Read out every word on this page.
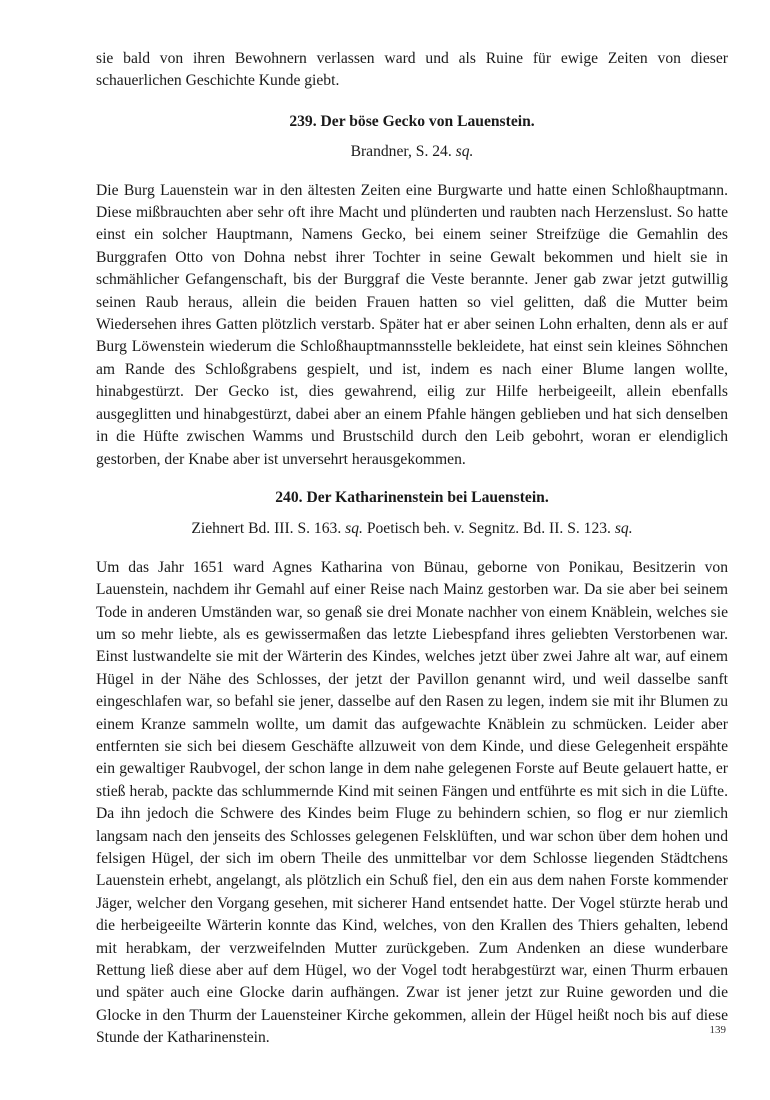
sie bald von ihren Bewohnern verlassen ward und als Ruine für ewige Zeiten von dieser schauerlichen Geschichte Kunde giebt.

239. Der böse Gecko von Lauenstein.
Brandner, S. 24. sq.

Die Burg Lauenstein war in den ältesten Zeiten eine Burgwarte und hatte einen Schloßhauptmann. Diese mißbrauchten aber sehr oft ihre Macht und plünderten und raubten nach Herzenslust. So hatte einst ein solcher Hauptmann, Namens Gecko, bei einem seiner Streifzüge die Gemahlin des Burggrafen Otto von Dohna nebst ihrer Tochter in seine Gewalt bekommen und hielt sie in schmählicher Gefangenschaft, bis der Burggraf die Veste berannte. Jener gab zwar jetzt gutwillig seinen Raub heraus, allein die beiden Frauen hatten so viel gelitten, daß die Mutter beim Wiedersehen ihres Gatten plötzlich verstarb. Später hat er aber seinen Lohn erhalten, denn als er auf Burg Löwenstein wiederum die Schloßhauptmannsstelle bekleidete, hat einst sein kleines Söhnchen am Rande des Schloßgrabens gespielt, und ist, indem es nach einer Blume langen wollte, hinabgestürzt. Der Gecko ist, dies gewahrend, eilig zur Hilfe herbeigeeilt, allein ebenfalls ausgeglitten und hinabgestürzt, dabei aber an einem Pfahle hängen geblieben und hat sich denselben in die Hüfte zwischen Wamms und Brustschild durch den Leib gebohrt, woran er elendiglich gestorben, der Knabe aber ist unversehrt herausgekommen.

240. Der Katharinenstein bei Lauenstein.
Ziehnert Bd. III. S. 163. sq. Poetisch beh. v. Segnitz. Bd. II. S. 123. sq.

Um das Jahr 1651 ward Agnes Katharina von Bünau, geborne von Ponikau, Besitzerin von Lauenstein, nachdem ihr Gemahl auf einer Reise nach Mainz gestorben war. Da sie aber bei seinem Tode in anderen Umständen war, so genaß sie drei Monate nachher von einem Knäblein, welches sie um so mehr liebte, als es gewissermaßen das letzte Liebespfand ihres geliebten Verstorbenen war. Einst lustwandelte sie mit der Wärterin des Kindes, welches jetzt über zwei Jahre alt war, auf einem Hügel in der Nähe des Schlosses, der jetzt der Pavillon genannt wird, und weil dasselbe sanft eingeschlafen war, so befahl sie jener, dasselbe auf den Rasen zu legen, indem sie mit ihr Blumen zu einem Kranze sammeln wollte, um damit das aufgewachte Knäblein zu schmücken. Leider aber entfernten sie sich bei diesem Geschäfte allzuweit von dem Kinde, und diese Gelegenheit erspähte ein gewaltiger Raubvogel, der schon lange in dem nahe gelegenen Forste auf Beute gelauert hatte, er stieß herab, packte das schlummernde Kind mit seinen Fängen und entführte es mit sich in die Lüfte. Da ihn jedoch die Schwere des Kindes beim Fluge zu behindern schien, so flog er nur ziemlich langsam nach den jenseits des Schlosses gelegenen Felsklüften, und war schon über dem hohen und felsigen Hügel, der sich im obern Theile des unmittelbar vor dem Schlosse liegenden Städtchens Lauenstein erhebt, angelangt, als plötzlich ein Schuß fiel, den ein aus dem nahen Forste kommender Jäger, welcher den Vorgang gesehen, mit sicherer Hand entsendet hatte. Der Vogel stürzte herab und die herbeigeeilte Wärterin konnte das Kind, welches, von den Krallen des Thiers gehalten, lebend mit herabkam, der verzweifelnden Mutter zurückgeben. Zum Andenken an diese wunderbare Rettung ließ diese aber auf dem Hügel, wo der Vogel todt herabgestürzt war, einen Thurm erbauen und später auch eine Glocke darin aufhängen. Zwar ist jener jetzt zur Ruine geworden und die Glocke in den Thurm der Lauensteiner Kirche gekommen, allein der Hügel heißt noch bis auf diese Stunde der Katharinenstein.	139
